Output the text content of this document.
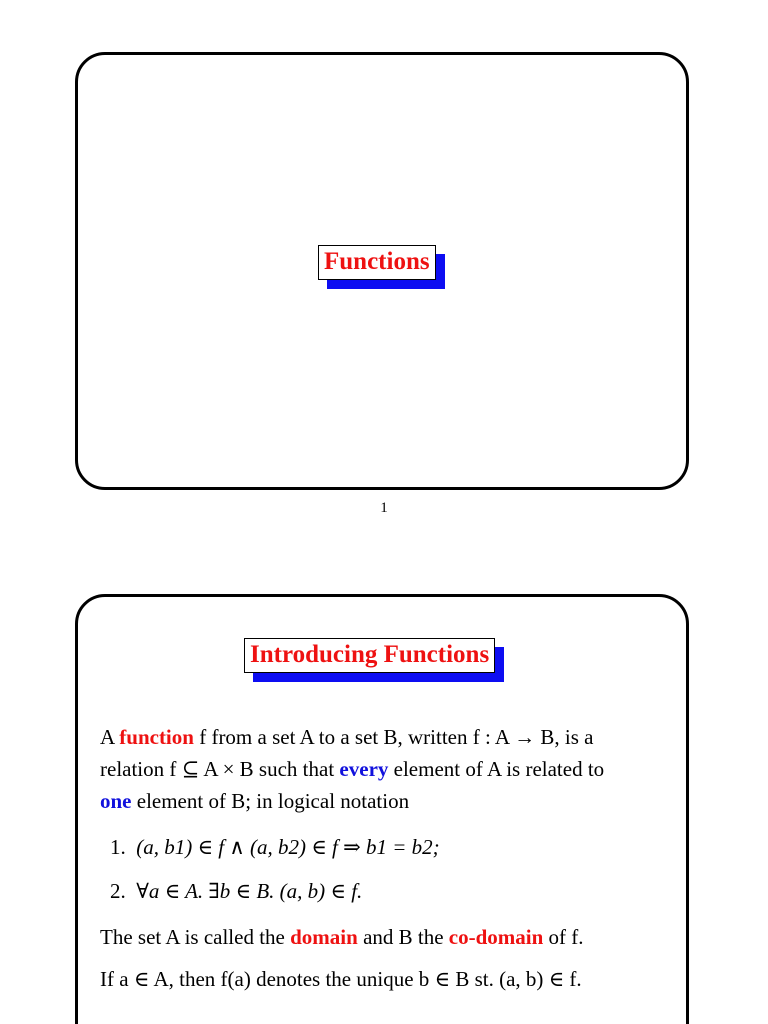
Functions
1
Introducing Functions
A function f from a set A to a set B, written f : A → B, is a
relation f ⊆ A × B such that every element of A is related to
one element of B; in logical notation
1. (a, b1) ∈ f ∧ (a, b2) ∈ f ⇒ b1 = b2;
2. ∀a ∈ A. ∃b ∈ B. (a, b) ∈ f.
The set A is called the domain and B the co-domain of f.
If a ∈ A, then f(a) denotes the unique b ∈ B st. (a, b) ∈ f.
